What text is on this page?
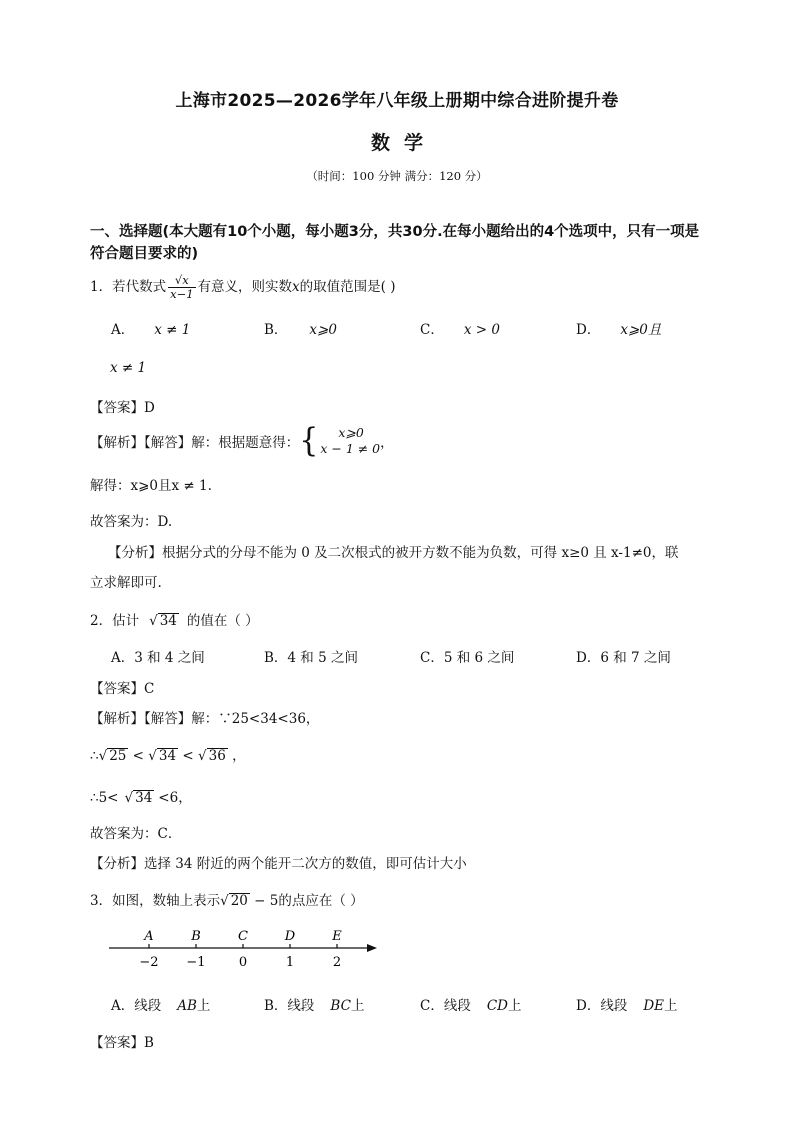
上海市2025—2026学年八年级上册期中综合进阶提升卷
数学
（时间：100 分钟 满分：120 分）
一、选择题(本大题有10个小题，每小题3分，共30分.在每小题给出的4个选项中，只有一项是符合题目要求的)
1．若代数式 $\frac{√x}{x-1}$ 有意义，则实数x的取值范围是( )
A． x ≠ 1	B． x⩾0	C． x > 0	D． x⩾0且
x ≠ 1
【答案】D
【解析】【解答】解：根据题意得：{	x⩾0
x − 1 ≠ 0 ，
解得：x⩾0且x ≠ 1.
故答案为：D.
【分析】根据分式的分母不能为 0 及二次根式的被开方数不能为负数，可得 x≥0 且 x-1≠0，联
立求解即可.
2．估计 √ 34 的值在（ ）
A．3 和 4 之间	B．4 和 5 之间	C．5 和 6 之间	D．6 和 7 之间
【答案】C
【解析】【解答】解：∵25<34<36，
∴√ 25 < √ 34 < √ 36 ，
∴5< √ 34 <6，
故答案为：C．
【分析】选择 34 附近的两个能开二次方的数值，即可估计大小
3．如图，数轴上表示√ 20 − 5的点应在（ ）
A
−2
B
−1
C
0
D
1
E
2
A．线段 AB上	B．线段 BC上	C．线段 CD上	D．线段 DE上
【答案】B
